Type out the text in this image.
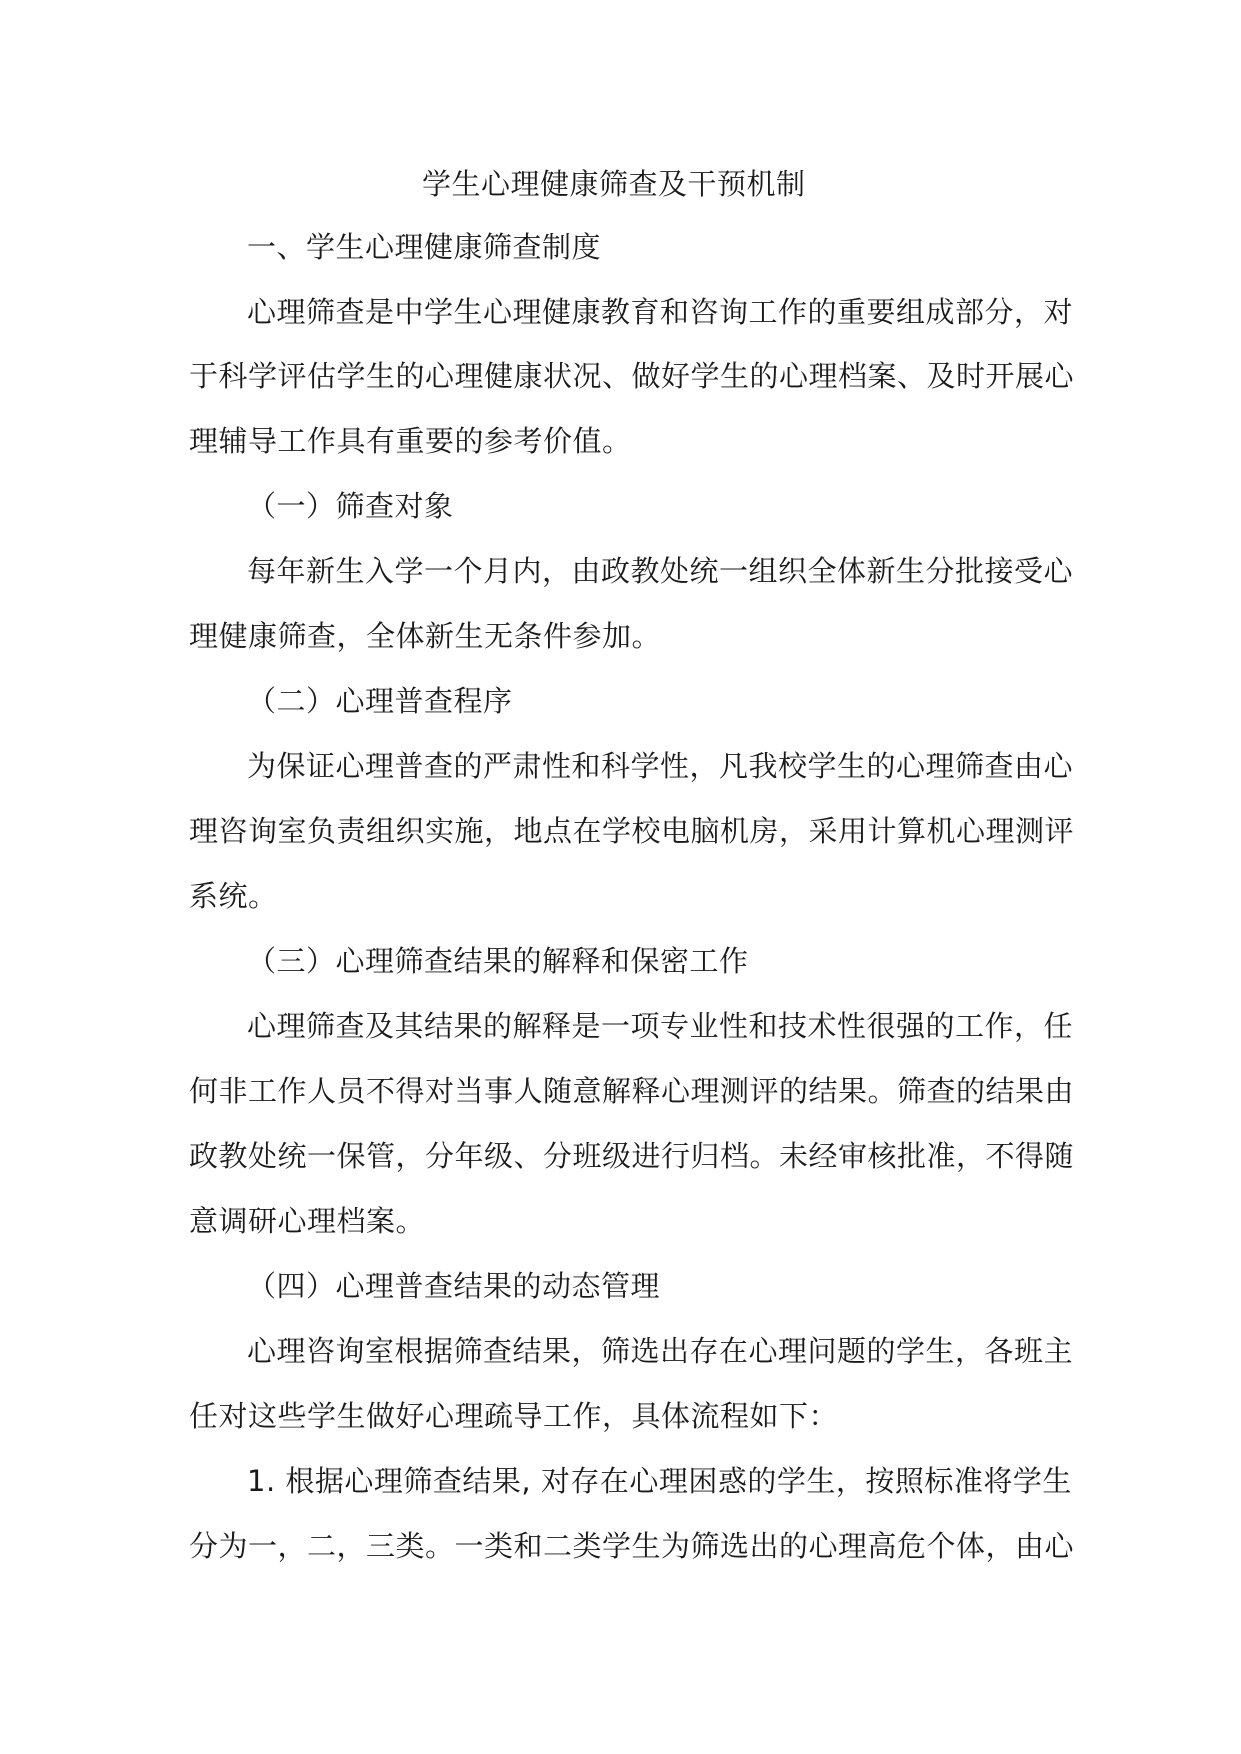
学生心理健康筛查及干预机制
一、学生心理健康筛查制度
心理筛查是中学生心理健康教育和咨询工作的重要组成部分，对
于科学评估学生的心理健康状况、做好学生的心理档案、及时开展心
理辅导工作具有重要的参考价值。
（一）筛查对象
每年新生入学一个月内，由政教处统一组织全体新生分批接受心
理健康筛查，全体新生无条件参加。
（二）心理普查程序
为保证心理普查的严肃性和科学性，凡我校学生的心理筛查由心
理咨询室负责组织实施，地点在学校电脑机房，采用计算机心理测评
系统。
（三）心理筛查结果的解释和保密工作
心理筛查及其结果的解释是一项专业性和技术性很强的工作，任
何非工作人员不得对当事人随意解释心理测评的结果。筛查的结果由
政教处统一保管，分年级、分班级进行归档。未经审核批准，不得随
意调研心理档案。
（四）心理普查结果的动态管理
心理咨询室根据筛查结果，筛选出存在心理问题的学生，各班主
任对这些学生做好心理疏导工作，具体流程如下：
1. 根据心理筛查结果, 对存在心理困惑的学生，按照标准将学生
分为一，二，三类。一类和二类学生为筛选出的心理高危个体，由心
